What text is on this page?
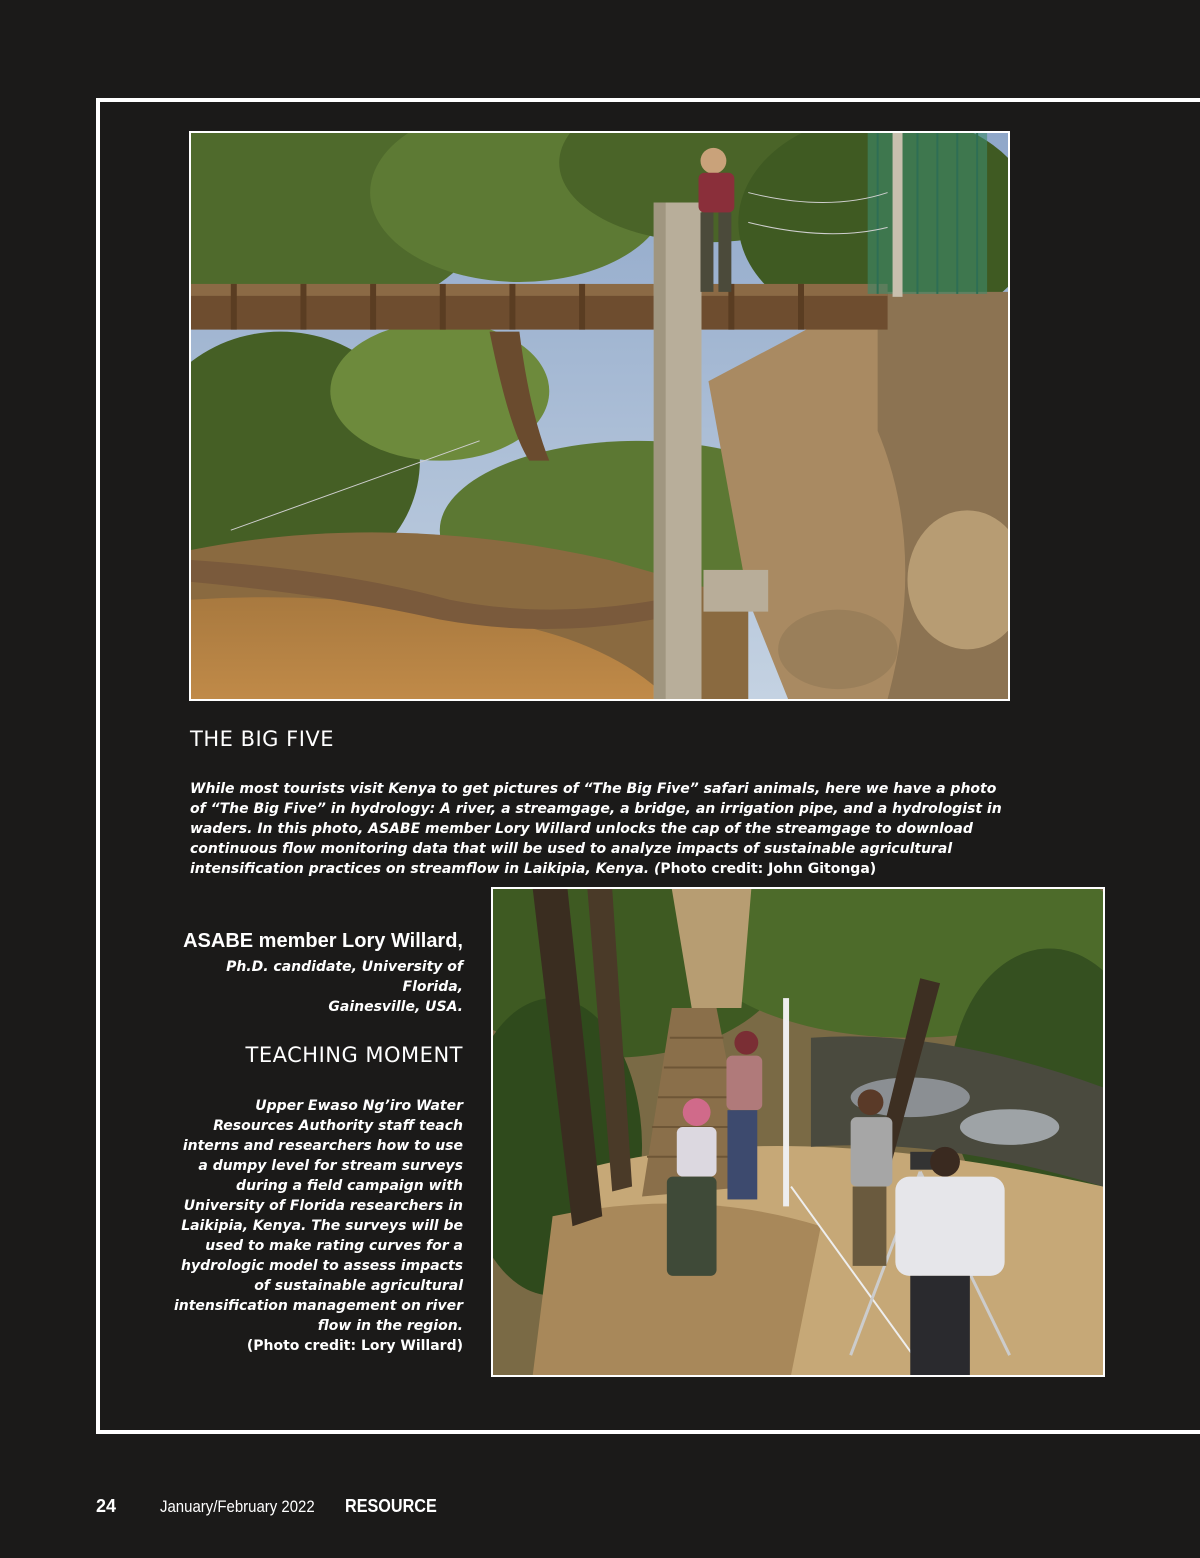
THE BIG FIVE

While most tourists visit Kenya to get pictures of “The Big Five” safari animals, here we have a photo of “The Big Five” in hydrology: A river, a streamgage, a bridge, an irrigation pipe, and a hydrologist in waders. In this photo, ASABE member Lory Willard unlocks the cap of the streamgage to download continuous flow monitoring data that will be used to analyze impacts of sustainable agricultural intensification practices on streamflow in Laikipia, Kenya. (Photo credit: John Gitonga)

ASABE member Lory Willard,

Ph.D. candidate, University of Florida,
Gainesville, USA.

TEACHING MOMENT

Upper Ewaso Ng’iro Water Resources Authority staff teach interns and researchers how to use a dumpy level for stream surveys during a field campaign with University of Florida researchers in Laikipia, Kenya. The surveys will be used to make rating curves for a hydrologic model to assess impacts of sustainable agricultural intensification management on river flow in the region.
(Photo credit: Lory Willard)

24	January/February 2022	RESOURCE
